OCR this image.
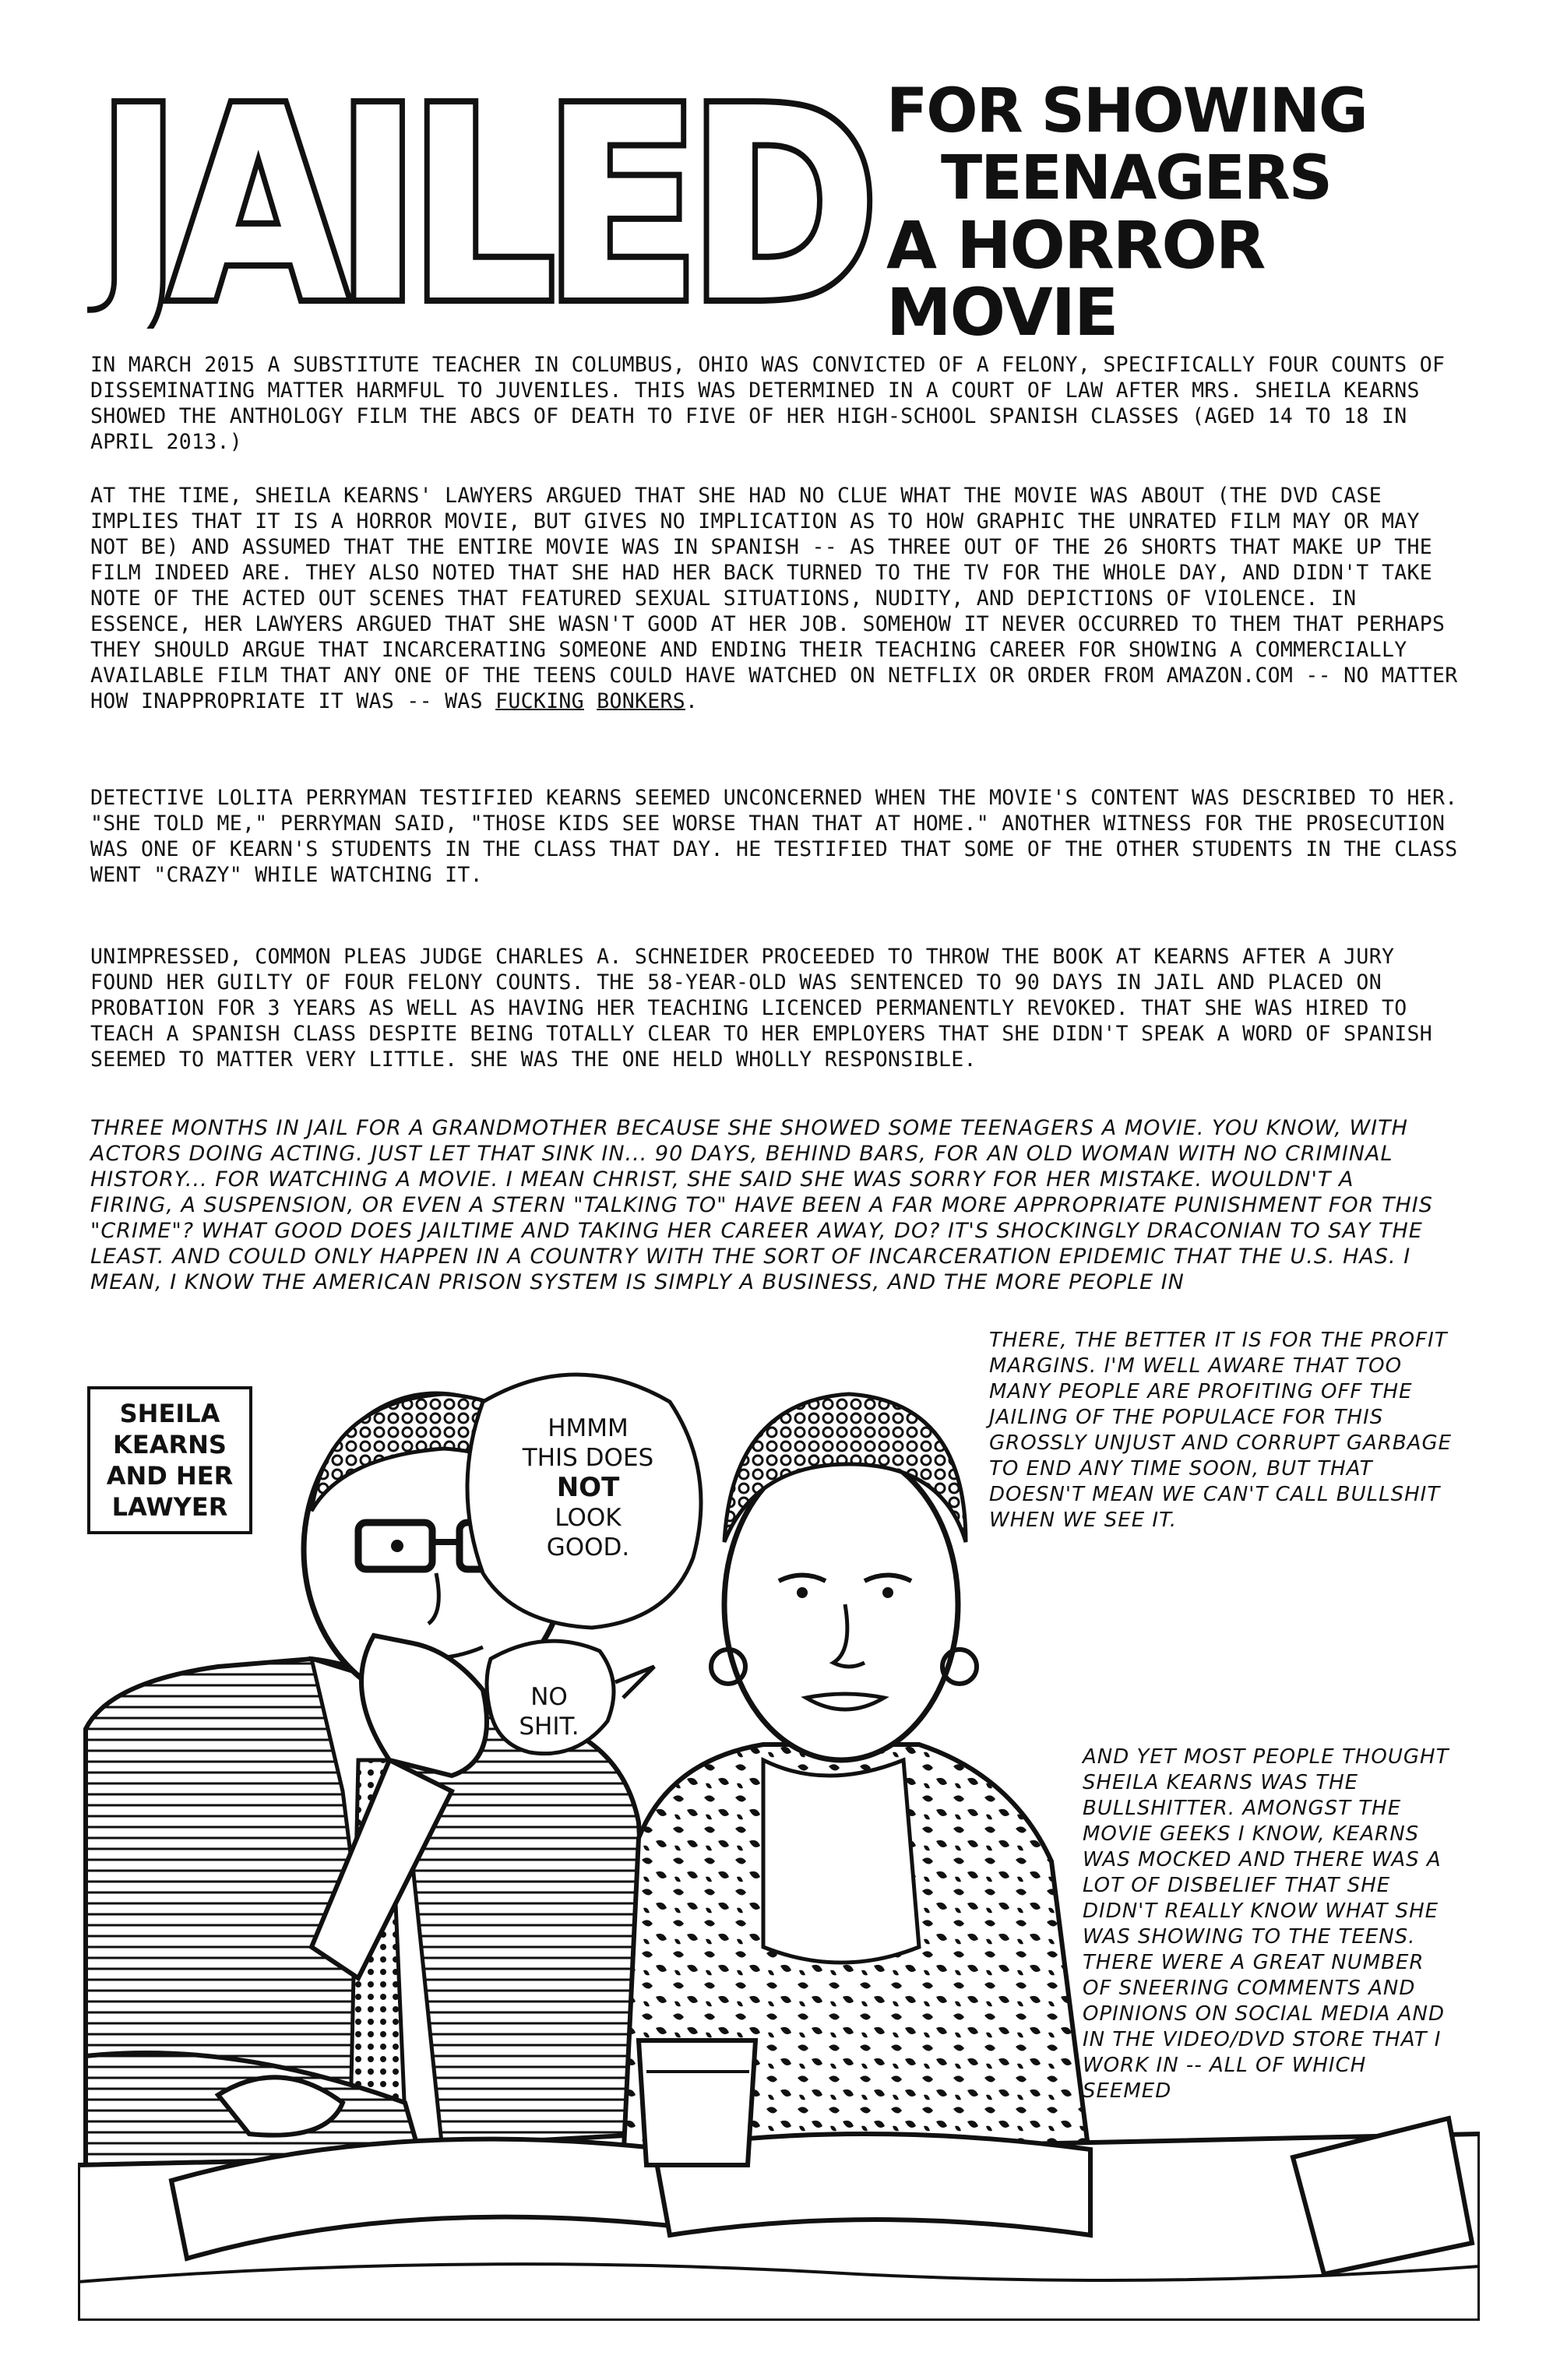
JAILED FOR SHOWING
TEENAGERS
A HORROR MOVIE
IN MARCH 2015 A SUBSTITUTE TEACHER IN COLUMBUS, OHIO WAS CONVICTED OF A FELONY, SPECIFICALLY FOUR COUNTS OF DISSEMINATING MATTER HARMFUL TO JUVENILES. THIS WAS DETERMINED IN A COURT OF LAW AFTER MRS. SHEILA KEARNS SHOWED THE ANTHOLOGY FILM THE ABCS OF DEATH TO FIVE OF HER HIGH-SCHOOL SPANISH CLASSES (AGED 14 TO 18 IN APRIL 2013.)
AT THE TIME, SHEILA KEARNS' LAWYERS ARGUED THAT SHE HAD NO CLUE WHAT THE MOVIE WAS ABOUT (THE DVD CASE IMPLIES THAT IT IS A HORROR MOVIE, BUT GIVES NO IMPLICATION AS TO HOW GRAPHIC THE UNRATED FILM MAY OR MAY NOT BE) AND ASSUMED THAT THE ENTIRE MOVIE WAS IN SPANISH -- AS THREE OUT OF THE 26 SHORTS THAT MAKE UP THE FILM INDEED ARE. THEY ALSO NOTED THAT SHE HAD HER BACK TURNED TO THE TV FOR THE WHOLE DAY, AND DIDN'T TAKE NOTE OF THE ACTED OUT SCENES THAT FEATURED SEXUAL SITUATIONS, NUDITY, AND DEPICTIONS OF VIOLENCE. IN ESSENCE, HER LAWYERS ARGUED THAT SHE WASN'T GOOD AT HER JOB. SOMEHOW IT NEVER OCCURRED TO THEM THAT PERHAPS THEY SHOULD ARGUE THAT INCARCERATING SOMEONE AND ENDING THEIR TEACHING CAREER FOR SHOWING A COMMERCIALLY AVAILABLE FILM THAT ANY ONE OF THE TEENS COULD HAVE WATCHED ON NETFLIX OR ORDER FROM AMAZON.COM -- NO MATTER HOW INAPPROPRIATE IT WAS -- WAS FUCKING BONKERS.
DETECTIVE LOLITA PERRYMAN TESTIFIED KEARNS SEEMED UNCONCERNED WHEN THE MOVIE'S CONTENT WAS DESCRIBED TO HER. "SHE TOLD ME," PERRYMAN SAID, "THOSE KIDS SEE WORSE THAN THAT AT HOME." ANOTHER WITNESS FOR THE PROSECUTION WAS ONE OF KEARN'S STUDENTS IN THE CLASS THAT DAY. HE TESTIFIED THAT SOME OF THE OTHER STUDENTS IN THE CLASS WENT "CRAZY" WHILE WATCHING IT.
UNIMPRESSED, COMMON PLEAS JUDGE CHARLES A. SCHNEIDER PROCEEDED TO THROW THE BOOK AT KEARNS AFTER A JURY FOUND HER GUILTY OF FOUR FELONY COUNTS. THE 58-YEAR-OLD WAS SENTENCED TO 90 DAYS IN JAIL AND PLACED ON PROBATION FOR 3 YEARS AS WELL AS HAVING HER TEACHING LICENCED PERMANENTLY REVOKED. THAT SHE WAS HIRED TO TEACH A SPANISH CLASS DESPITE BEING TOTALLY CLEAR TO HER EMPLOYERS THAT SHE DIDN'T SPEAK A WORD OF SPANISH SEEMED TO MATTER VERY LITTLE. SHE WAS THE ONE HELD WHOLLY RESPONSIBLE.
THREE MONTHS IN JAIL FOR A GRANDMOTHER BECAUSE SHE SHOWED SOME TEENAGERS A MOVIE. YOU KNOW, WITH ACTORS DOING ACTING. JUST LET THAT SINK IN... 90 DAYS, BEHIND BARS, FOR AN OLD WOMAN WITH NO CRIMINAL HISTORY... FOR WATCHING A MOVIE. I MEAN CHRIST, SHE SAID SHE WAS SORRY FOR HER MISTAKE. WOULDN'T A FIRING, A SUSPENSION, OR EVEN A STERN "TALKING TO" HAVE BEEN A FAR MORE APPROPRIATE PUNISHMENT FOR THIS "CRIME"? WHAT GOOD DOES JAILTIME AND TAKING HER CAREER AWAY, DO? IT'S SHOCKINGLY DRACONIAN TO SAY THE LEAST. AND COULD ONLY HAPPEN IN A COUNTRY WITH THE SORT OF INCARCERATION EPIDEMIC THAT THE U.S. HAS. I MEAN, I KNOW THE AMERICAN PRISON SYSTEM IS SIMPLY A BUSINESS, AND THE MORE PEOPLE IN
SHEILA KEARNS AND HER LAWYER
HMMM
THIS DOES
NOT
LOOK
GOOD.
NO SHIT.
THERE, THE BETTER IT IS FOR THE PROFIT MARGINS. I'M WELL AWARE THAT TOO MANY PEOPLE ARE PROFITING OFF THE JAILING OF THE POPULACE FOR THIS GROSSLY UNJUST AND CORRUPT GARBAGE TO END ANY TIME SOON, BUT THAT DOESN'T MEAN WE CAN'T CALL BULLSHIT WHEN WE SEE IT.
AND YET MOST PEOPLE THOUGHT SHEILA KEARNS WAS THE BULLSHITTER. AMONGST THE MOVIE GEEKS I KNOW, KEARNS WAS MOCKED AND THERE WAS A LOT OF DISBELIEF THAT SHE DIDN'T REALLY KNOW WHAT SHE WAS SHOWING TO THE TEENS. THERE WERE A GREAT NUMBER OF SNEERING COMMENTS AND OPINIONS ON SOCIAL MEDIA AND IN THE VIDEO/DVD STORE THAT I WORK IN -- ALL OF WHICH SEEMED
